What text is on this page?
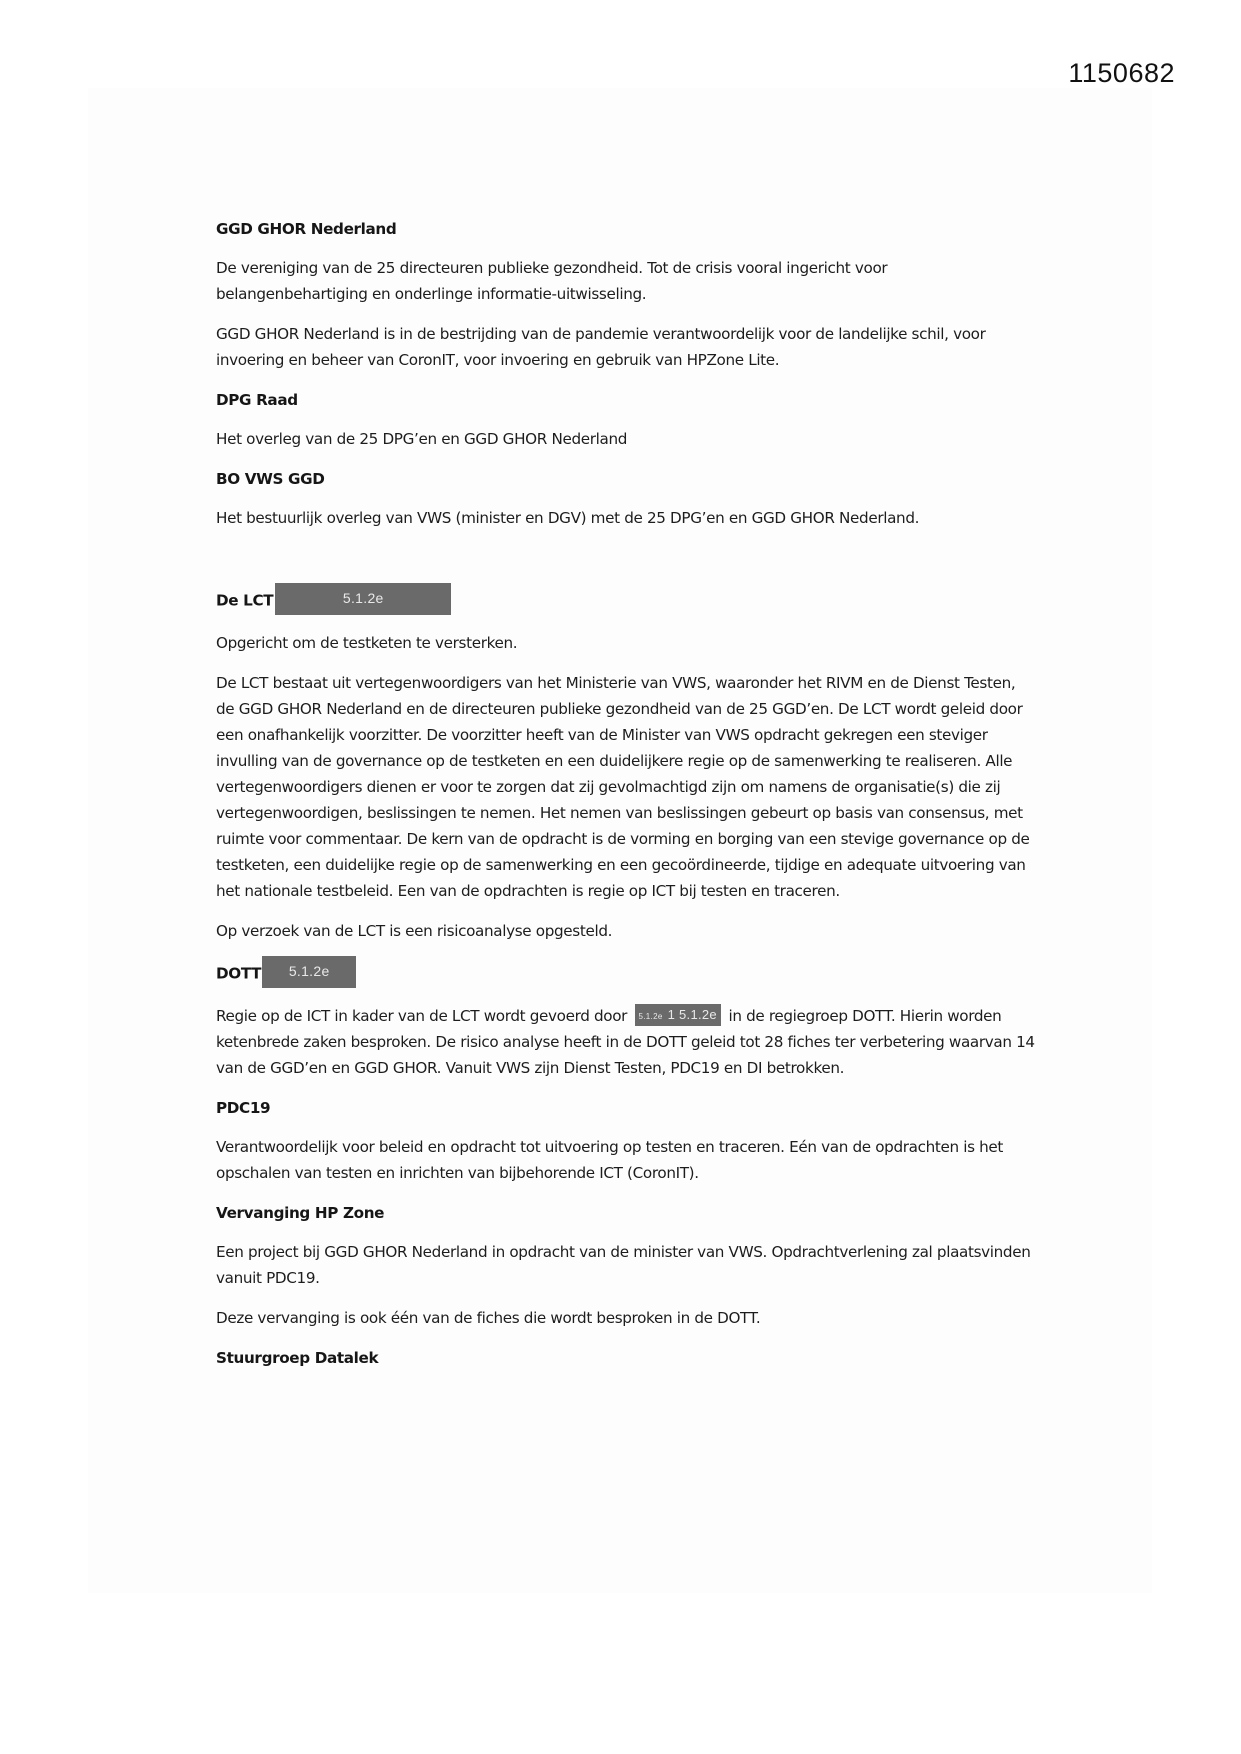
1150682
GGD GHOR Nederland

De vereniging van de 25 directeuren publieke gezondheid. Tot de crisis vooral ingericht voor belangenbehartiging en onderlinge informatie-uitwisseling.

GGD GHOR Nederland is in de bestrijding van de pandemie verantwoordelijk voor de landelijke schil, voor invoering en beheer van CoronIT, voor invoering en gebruik van HPZone Lite.

DPG Raad

Het overleg van de 25 DPG’en en GGD GHOR Nederland

BO VWS GGD

Het bestuurlijk overleg van VWS (minister en DGV) met de 25 DPG’en en GGD GHOR Nederland.

De LCT	5.1.2e

Opgericht om de testketen te versterken.

De LCT bestaat uit vertegenwoordigers van het Ministerie van VWS, waaronder het RIVM en de Dienst Testen, de GGD GHOR Nederland en de directeuren publieke gezondheid van de 25 GGD’en. De LCT wordt geleid door een onafhankelijk voorzitter. De voorzitter heeft van de Minister van VWS opdracht gekregen een steviger invulling van de governance op de testketen en een duidelijkere regie op de samenwerking te realiseren. Alle vertegenwoordigers dienen er voor te zorgen dat zij gevolmachtigd zijn om namens de organisatie(s) die zij vertegenwoordigen, beslissingen te nemen. Het nemen van beslissingen gebeurt op basis van consensus, met ruimte voor commentaar. De kern van de opdracht is de vorming en borging van een stevige governance op de testketen, een duidelijke regie op de samenwerking en een gecoördineerde, tijdige en adequate uitvoering van het nationale testbeleid. Een van de opdrachten is regie op ICT bij testen en traceren.

Op verzoek van de LCT is een risicoanalyse opgesteld.

DOTT 5.1.2e

Regie op de ICT in kader van de LCT wordt gevoerd door 5.1.2e 1 5.1.2e in de regiegroep DOTT. Hierin worden ketenbrede zaken besproken. De risico analyse heeft in de DOTT geleid tot 28 fiches ter verbetering waarvan 14 van de GGD’en en GGD GHOR. Vanuit VWS zijn Dienst Testen, PDC19 en DI betrokken.

PDC19

Verantwoordelijk voor beleid en opdracht tot uitvoering op testen en traceren. Eén van de opdrachten is het opschalen van testen en inrichten van bijbehorende ICT (CoronIT).

Vervanging HP Zone

Een project bij GGD GHOR Nederland in opdracht van de minister van VWS. Opdrachtverlening zal plaatsvinden vanuit PDC19.

Deze vervanging is ook één van de fiches die wordt besproken in de DOTT.

Stuurgroep Datalek
